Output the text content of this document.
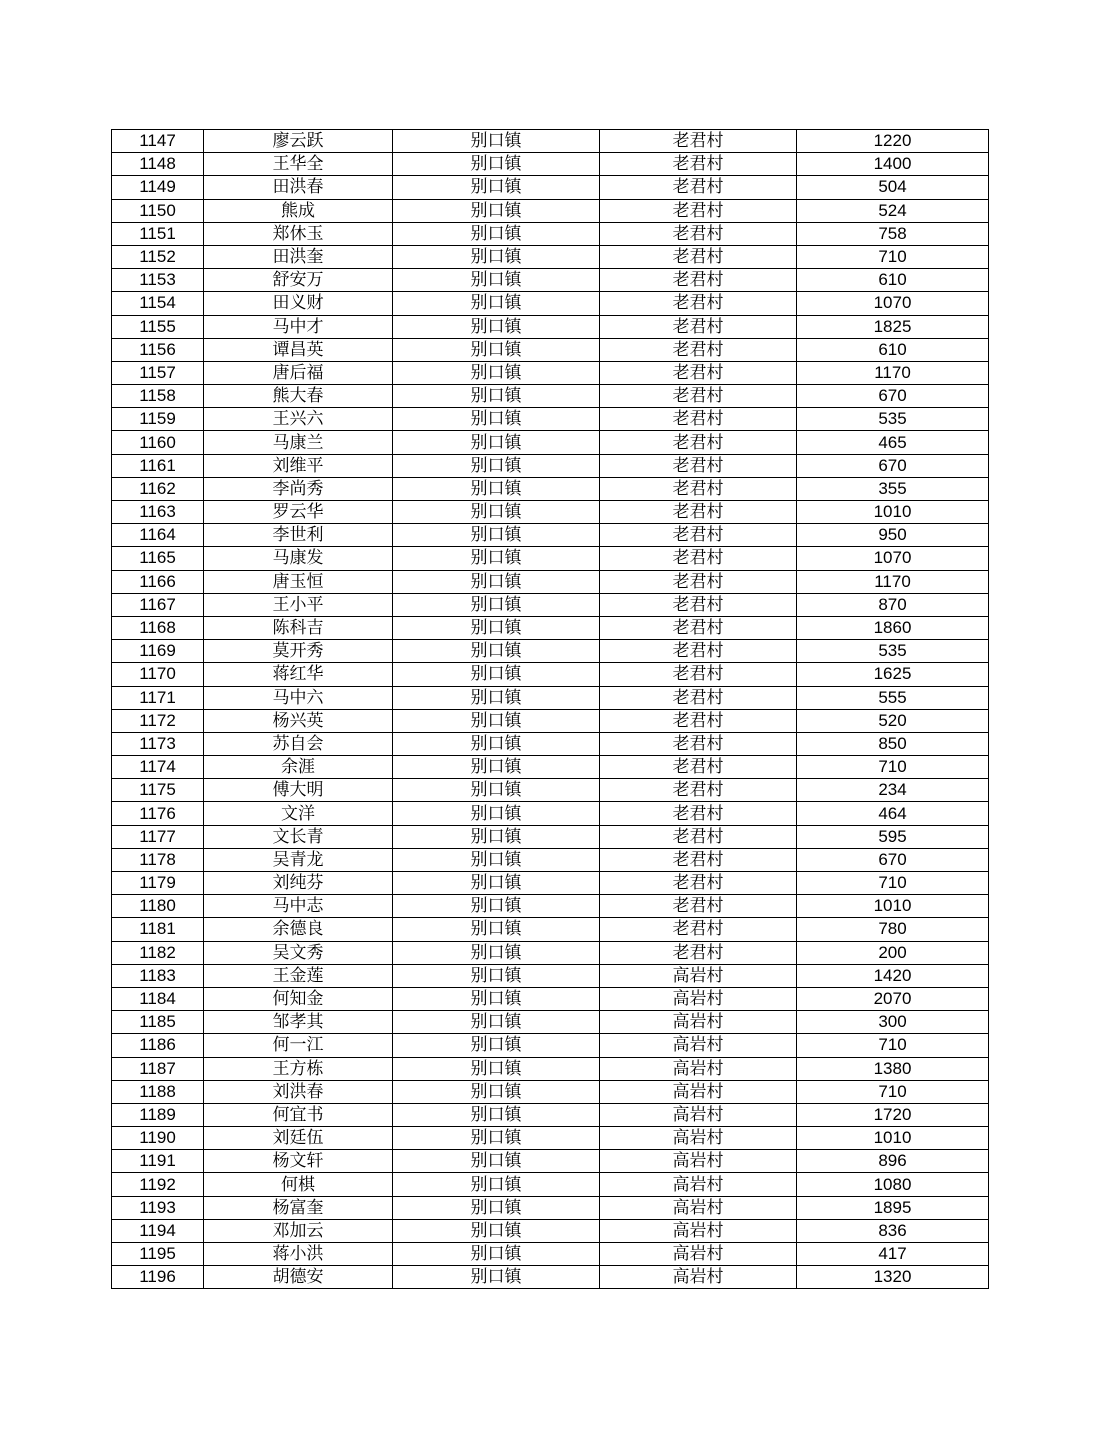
1147	廖云跃	别口镇	老君村	1220
1148	王华全	别口镇	老君村	1400
1149	田洪春	别口镇	老君村	504
1150	熊成	别口镇	老君村	524
1151	郑休玉	别口镇	老君村	758
1152	田洪奎	别口镇	老君村	710
1153	舒安万	别口镇	老君村	610
1154	田义财	别口镇	老君村	1070
1155	马中才	别口镇	老君村	1825
1156	谭昌英	别口镇	老君村	610
1157	唐后福	别口镇	老君村	1170
1158	熊大春	别口镇	老君村	670
1159	王兴六	别口镇	老君村	535
1160	马康兰	别口镇	老君村	465
1161	刘维平	别口镇	老君村	670
1162	李尚秀	别口镇	老君村	355
1163	罗云华	别口镇	老君村	1010
1164	李世利	别口镇	老君村	950
1165	马康发	别口镇	老君村	1070
1166	唐玉恒	别口镇	老君村	1170
1167	王小平	别口镇	老君村	870
1168	陈科吉	别口镇	老君村	1860
1169	莫开秀	别口镇	老君村	535
1170	蒋红华	别口镇	老君村	1625
1171	马中六	别口镇	老君村	555
1172	杨兴英	别口镇	老君村	520
1173	苏自会	别口镇	老君村	850
1174	余涯	别口镇	老君村	710
1175	傅大明	别口镇	老君村	234
1176	文洋	别口镇	老君村	464
1177	文长青	别口镇	老君村	595
1178	吴青龙	别口镇	老君村	670
1179	刘纯芬	别口镇	老君村	710
1180	马中志	别口镇	老君村	1010
1181	余德良	别口镇	老君村	780
1182	吴文秀	别口镇	老君村	200
1183	王金莲	别口镇	高岩村	1420
1184	何知金	别口镇	高岩村	2070
1185	邹孝其	别口镇	高岩村	300
1186	何一江	别口镇	高岩村	710
1187	王方栋	别口镇	高岩村	1380
1188	刘洪春	别口镇	高岩村	710
1189	何宜书	别口镇	高岩村	1720
1190	刘廷伍	别口镇	高岩村	1010
1191	杨文轩	别口镇	高岩村	896
1192	何棋	别口镇	高岩村	1080
1193	杨富奎	别口镇	高岩村	1895
1194	邓加云	别口镇	高岩村	836
1195	蒋小洪	别口镇	高岩村	417
1196	胡德安	别口镇	高岩村	1320
